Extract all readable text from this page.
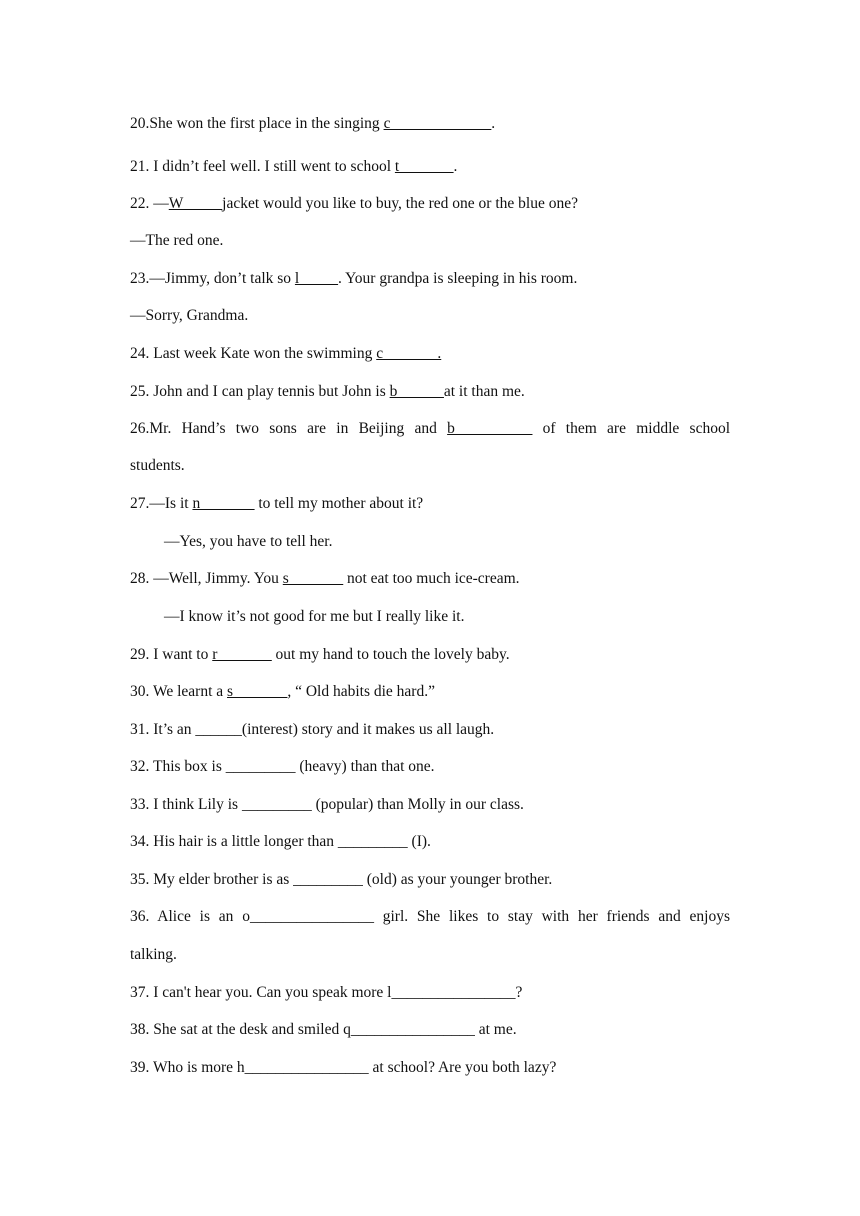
20.She won the first place in the singing c_____________.
21. I didn’t feel well. I still went to school t_______.
22. —W_____jacket would you like to buy, the red one or the blue one?
—The red one.
23.—Jimmy, don’t talk so l_____. Your grandpa is sleeping in his room.
—Sorry, Grandma.
24. Last week Kate won the swimming c_______.
25. John and I can play tennis but John is b______at it than me.
26.Mr. Hand’s two sons are in Beijing and b__________ of them are middle school
students.
27.—Is it n_______ to tell my mother about it?
—Yes, you have to tell her.
28. —Well, Jimmy. You s_______ not eat too much ice-cream.
—I know it’s not good for me but I really like it.
29. I want to r_______ out my hand to touch the lovely baby.
30. We learnt a s_______, “ Old habits die hard.”
31. It’s an ______(interest) story and it makes us all laugh.
32. This box is _________ (heavy) than that one.
33. I think Lily is _________ (popular) than Molly in our class.
34. His hair is a little longer than _________ (I).
35. My elder brother is as _________ (old) as your younger brother.
36. Alice is an o________________ girl. She likes to stay with her friends and enjoys
talking.
37. I can't hear you. Can you speak more l________________?
38. She sat at the desk and smiled q________________ at me.
39. Who is more h________________ at school? Are you both lazy?
